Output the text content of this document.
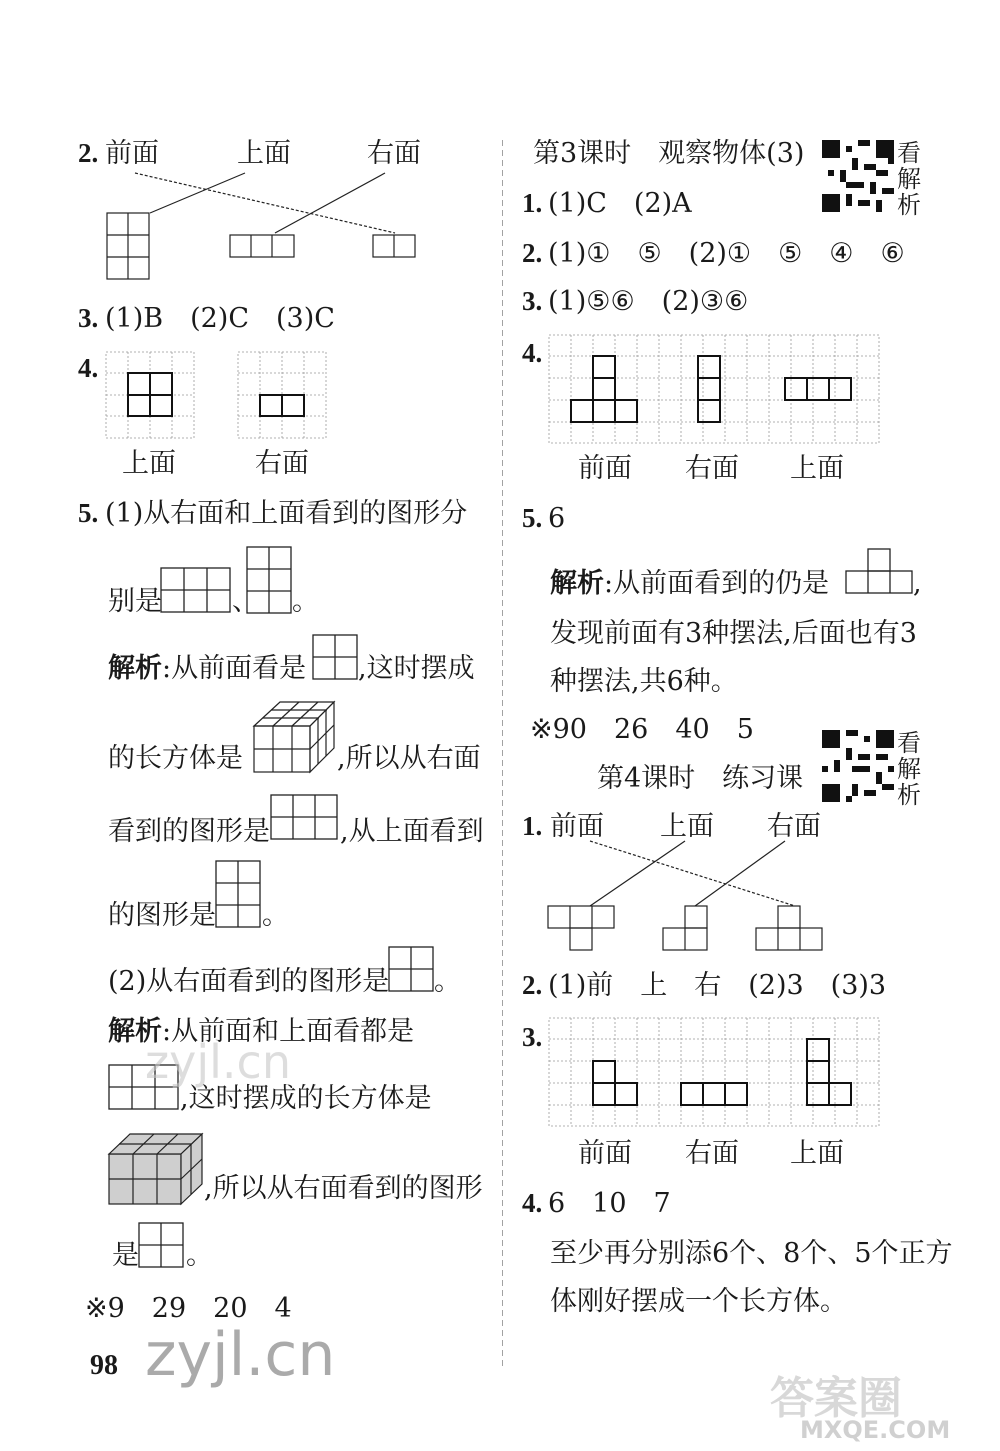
2. 前面	上面	右面
3. (1)B　(2)C　(3)C
4.
上面	右面
5. (1)从右面和上面看到的图形分
别是	、 。
解析 :从前面看是 ,这时摆成
的长方体是	,所以从右面
看到的图形是	,从上面看到
的图形是 。
(2)从右面看到的图形是 。
解析 :从前面和上面看都是
,这时摆成的长方体是
,所以从右面看到的图形
是 。
※9　29　20　4
98
第3课时　观察物体(3)	看解析
1. (1)C　(2)A
2. (1)①　⑤　(2)①　⑤　④　⑥
3. (1)⑤⑥　(2)③⑥
4.
前面 右面 上面
5. 6
解析 :从前面看到的仍是	,
发现前面有3种摆法,后面也有3
种摆法,共6种。
※90　26　40　5
第4课时　练习课
看解析
1. 前面 上面 右面
2. (1)前　上　右　(2)3　(3)3
3.
前面 右面 上面
4. 6　10　7
至少再分别添6个、8个、5个正方
体刚好摆成一个长方体。
zyjl.cn
zyjl.cn
答案圈
MXQE.COM
